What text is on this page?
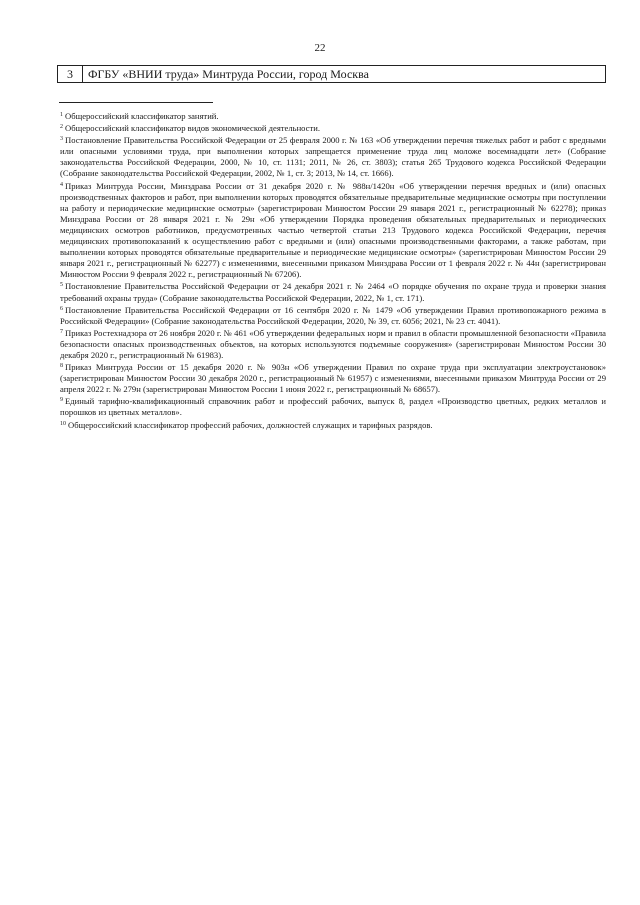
22
3	ФГБУ «ВНИИ труда» Минтруда России, город Москва

$^1$ Общероссийский классификатор занятий.

$^2$ Общероссийский классификатор видов экономической деятельности.

$^3$ Постановление Правительства Российской Федерации от 25 февраля 2000 г. № 163 «Об утверждении перечня тяжелых работ и работ с вредными или опасными условиями труда, при выполнении которых запрещается применение труда лиц моложе восемнадцати лет» (Собрание законодательства Российской Федерации, 2000, № 10, ст. 1131; 2011, № 26, ст. 3803); статья 265 Трудового кодекса Российской Федерации (Собрание законодательства Российской Федерации, 2002, № 1, ст. 3; 2013, № 14, ст. 1666).

$^4$ Приказ Минтруда России, Минздрава России от 31 декабря 2020 г. № 988н/1420н «Об утверждении перечня вредных и (или) опасных производственных факторов и работ, при выполнении которых проводятся обязательные предварительные медицинские осмотры при поступлении на работу и периодические медицинские осмотры» (зарегистрирован Минюстом России 29 января 2021 г., регистрационный № 62278); приказ Минздрава России от 28 января 2021 г. № 29н «Об утверждении Порядка проведения обязательных предварительных и периодических медицинских осмотров работников, предусмотренных частью четвертой статьи 213 Трудового кодекса Российской Федерации, перечня медицинских противопоказаний к осуществлению работ с вредными и (или) опасными производственными факторами, а также работам, при выполнении которых проводятся обязательные предварительные и периодические медицинские осмотры» (зарегистрирован Минюстом России 29 января 2021 г., регистрационный № 62277) с изменениями, внесенными приказом Минздрава России от 1 февраля 2022 г. № 44н (зарегистрирован Минюстом России 9 февраля 2022 г., регистрационный № 67206).

$^5$ Постановление Правительства Российской Федерации от 24 декабря 2021 г. № 2464 «О порядке обучения по охране труда и проверки знания требований охраны труда» (Собрание законодательства Российской Федерации, 2022, № 1, ст. 171).

$^6$ Постановление Правительства Российской Федерации от 16 сентября 2020 г. № 1479 «Об утверждении Правил противопожарного режима в Российской Федерации» (Собрание законодательства Российской Федерации, 2020, № 39, ст. 6056; 2021, № 23 ст. 4041).

$^7$ Приказ Ростехнадзора от 26 ноября 2020 г. № 461 «Об утверждении федеральных норм и правил в области промышленной безопасности «Правила безопасности опасных производственных объектов, на которых используются подъемные сооружения» (зарегистрирован Минюстом России 30 декабря 2020 г., регистрационный № 61983).

$^8$ Приказ Минтруда России от 15 декабря 2020 г. № 903н «Об утверждении Правил по охране труда при эксплуатации электроустановок» (зарегистрирован Минюстом России 30 декабря 2020 г., регистрационный № 61957) с изменениями, внесенными приказом Минтруда России от 29 апреля 2022 г. № 279н (зарегистрирован Минюстом России 1 июня 2022 г., регистрационный № 68657).

$^9$ Единый тарифно-квалификационный справочник работ и профессий рабочих, выпуск 8, раздел «Производство цветных, редких металлов и порошков из цветных металлов».

$^{10}$ Общероссийский классификатор профессий рабочих, должностей служащих и тарифных разрядов.
